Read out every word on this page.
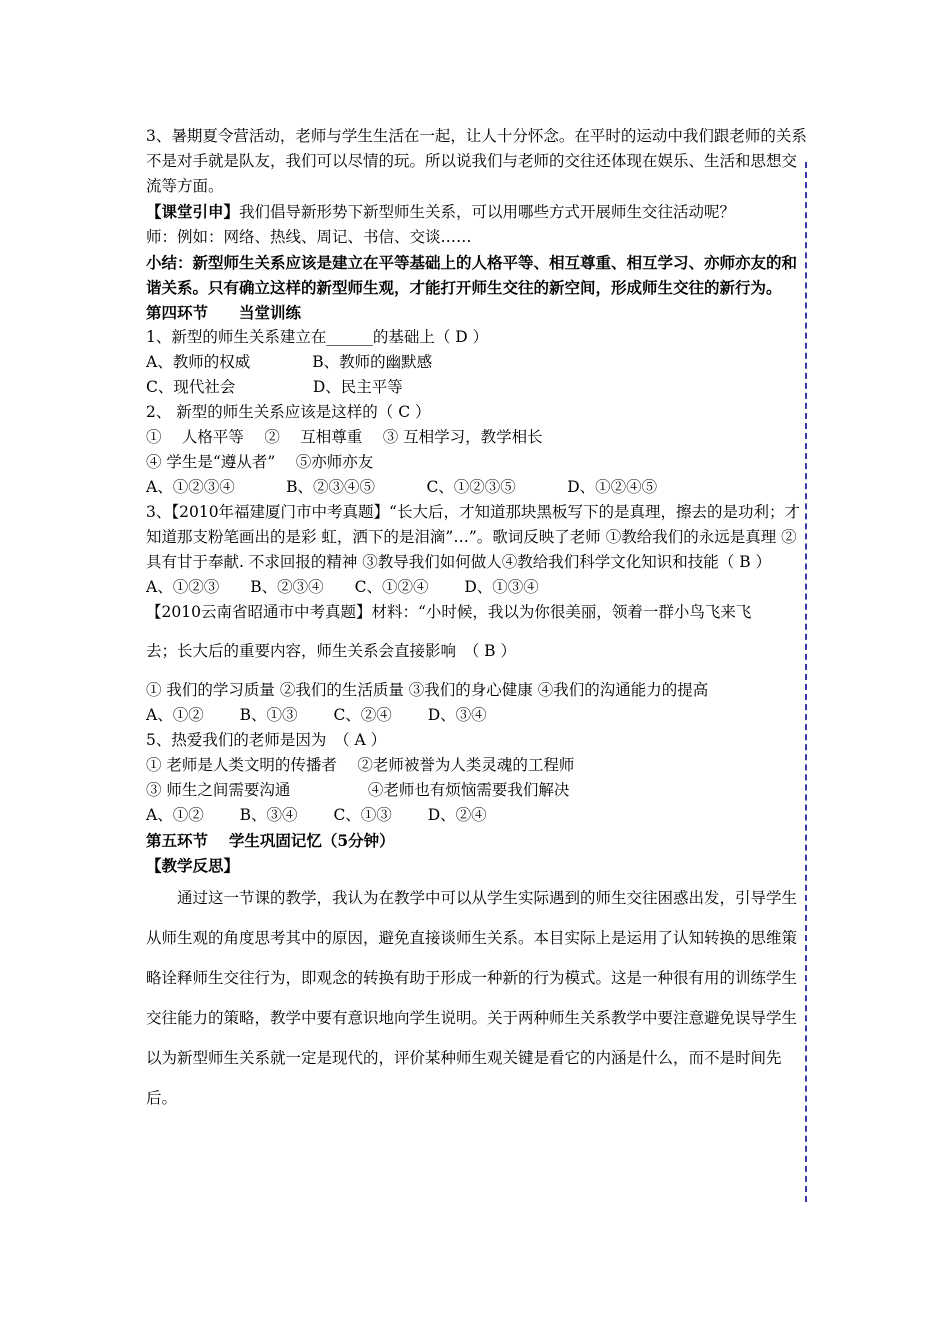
3、暑期夏令营活动，老师与学生生活在一起，让人十分怀念。在平时的运动中我们跟老师的关系不是对手就是队友，我们可以尽情的玩。所以说我们与老师的交往还体现在娱乐、生活和思想交流等方面。

【课堂引申】我们倡导新形势下新型师生关系，可以用哪些方式开展师生交往活动呢？

师：例如：网络、热线、周记、书信、交谈……

小结：新型师生关系应该是建立在平等基础上的人格平等、相互尊重、相互学习、亦师亦友的和谐关系。只有确立这样的新型师生观，才能打开师生交往的新空间，形成师生交往的新行为。

第四环节　　当堂训练

1、新型的师生关系建立在______的基础上（ D ）

A、教师的权威　　　　B、教师的幽默感

C、现代社会　　　　　D、民主平等

2、 新型的师生关系应该是这样的（ C ）

①　 人格平等　 ②　 互相尊重　 ③ 互相学习，教学相长

④ 学生是“遵从者”　 ⑤亦师亦友

A、①②③④　　　 B、②③④⑤　　　 C、①②③⑤　　　 D、①②④⑤

3、【2010年福建厦门市中考真题】“长大后，才知道那块黑板写下的是真理，擦去的是功利；才知道那支粉笔画出的是彩 虹，洒下的是泪滴”…”。歌词反映了老师 ①教给我们的永远是真理 ②具有甘于奉献. 不求回报的精神 ③教导我们如何做人④教给我们科学文化知识和技能（ B ）

A、①②③　　B、②③④　　C、①②④　　 D、①③④

【2010云南省昭通市中考真题】材料：“小时候，我以为你很美丽，领着一群小鸟飞来飞

去；长大后的重要内容，师生关系会直接影响　（ B ）

① 我们的学习质量 ②我们的生活质量 ③我们的身心健康 ④我们的沟通能力的提高

A、①②　　 B、①③　　 C、②④　　 D、③④

5、热爱我们的老师是因为　（ A ）

① 老师是人类文明的传播者　 ②老师被誉为人类灵魂的工程师

③ 师生之间需要沟通　　　　　④老师也有烦恼需要我们解决

A、①②　　 B、③④　　 C、①③　　 D、②④

第五环节　 学生巩固记忆（5分钟）

【教学反思】

通过这一节课的教学，我认为在教学中可以从学生实际遇到的师生交往困惑出发，引导学生从师生观的角度思考其中的原因，避免直接谈师生关系。本目实际上是运用了认知转换的思维策略诠释师生交往行为，即观念的转换有助于形成一种新的行为模式。这是一种很有用的训练学生交往能力的策略，教学中要有意识地向学生说明。关于两种师生关系教学中要注意避免误导学生以为新型师生关系就一定是现代的，评价某种师生观关键是看它的内涵是什么，而不是时间先后。
